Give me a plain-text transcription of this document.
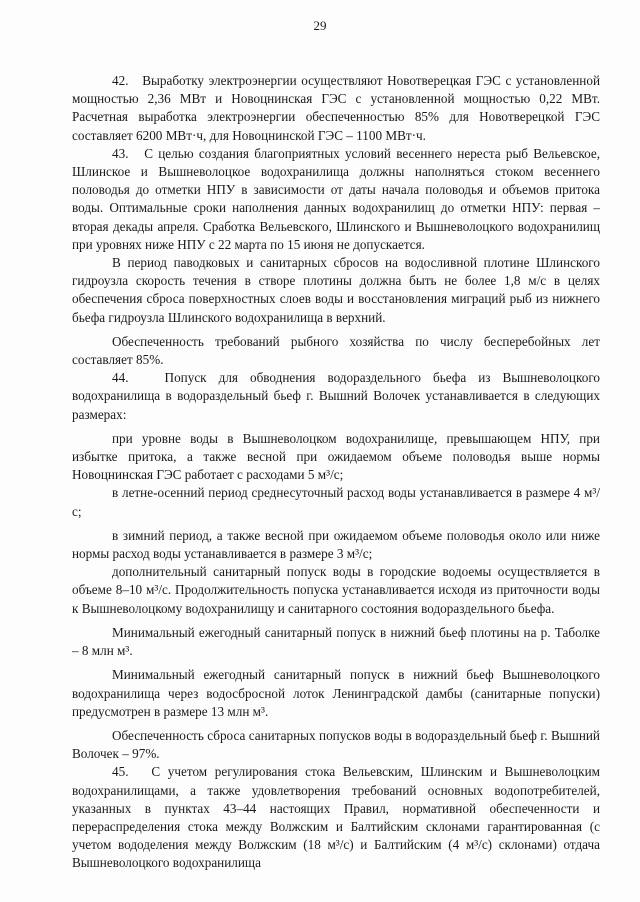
29

42.   Выработку электроэнергии осуществляют Новотверецкая ГЭС с установленной мощностью 2,36 МВт и Новоцнинская ГЭС с установленной мощностью 0,22 МВт. Расчетная выработка электроэнергии обеспеченностью 85% для Новотверецкой ГЭС составляет 6200 МВт·ч, для Новоцнинской ГЭС – 1100 МВт·ч.

43.   С целью создания благоприятных условий весеннего нереста рыб Вельевское, Шлинское и Вышневолоцкое водохранилища должны наполняться стоком весеннего половодья до отметки НПУ в зависимости от даты начала половодья и объемов притока воды. Оптимальные сроки наполнения данных водохранилищ до отметки НПУ: первая – вторая декады апреля. Сработка Вельевского, Шлинского и Вышневолоцкого водохранилищ при уровнях ниже НПУ с 22 марта по 15 июня не допускается.

В период паводковых и санитарных сбросов на водосливной плотине Шлинского гидроузла скорость течения в створе плотины должна быть не более 1,8 м/с в целях обеспечения сброса поверхностных слоев воды и восстановления миграций рыб из нижнего бьефа гидроузла Шлинского водохранилища в верхний.

Обеспеченность требований рыбного хозяйства по числу бесперебойных лет составляет 85%.

44.   Попуск для обводнения водораздельного бьефа из Вышневолоцкого водохранилища в водораздельный бьеф г. Вышний Волочек устанавливается в следующих размерах:

при уровне воды в Вышневолоцком водохранилище, превышающем НПУ, при избытке притока, а также весной при ожидаемом объеме половодья выше нормы Новоцнинская ГЭС работает с расходами 5 м³/с;

в летне-осенний период среднесуточный расход воды устанавливается в размере 4 м³/с;

в зимний период, а также весной при ожидаемом объеме половодья около или ниже нормы расход воды устанавливается в размере 3 м³/с;

дополнительный санитарный попуск воды в городские водоемы осуществляется в объеме 8–10 м³/с. Продолжительность попуска устанавливается исходя из приточности воды к Вышневолоцкому водохранилищу и санитарного состояния водораздельного бьефа.

Минимальный ежегодный санитарный попуск в нижний бьеф плотины на р. Таболке – 8 млн м³.

Минимальный ежегодный санитарный попуск в нижний бьеф Вышневолоцкого водохранилища через водосбросной лоток Ленинградской дамбы (санитарные попуски) предусмотрен в размере 13 млн м³.

Обеспеченность сброса санитарных попусков воды в водораздельный бьеф г. Вышний Волочек – 97%.

45.   С учетом регулирования стока Вельевским, Шлинским и Вышневолоцким водохранилищами, а также удовлетворения требований основных водопотребителей, указанных в пунктах 43–44 настоящих Правил, нормативной обеспеченности и перераспределения стока между Волжским и Балтийским склонами гарантированная (с учетом вододеления между Волжским (18 м³/с) и Балтийским (4 м³/с) склонами) отдача Вышневолоцкого водохранилища
